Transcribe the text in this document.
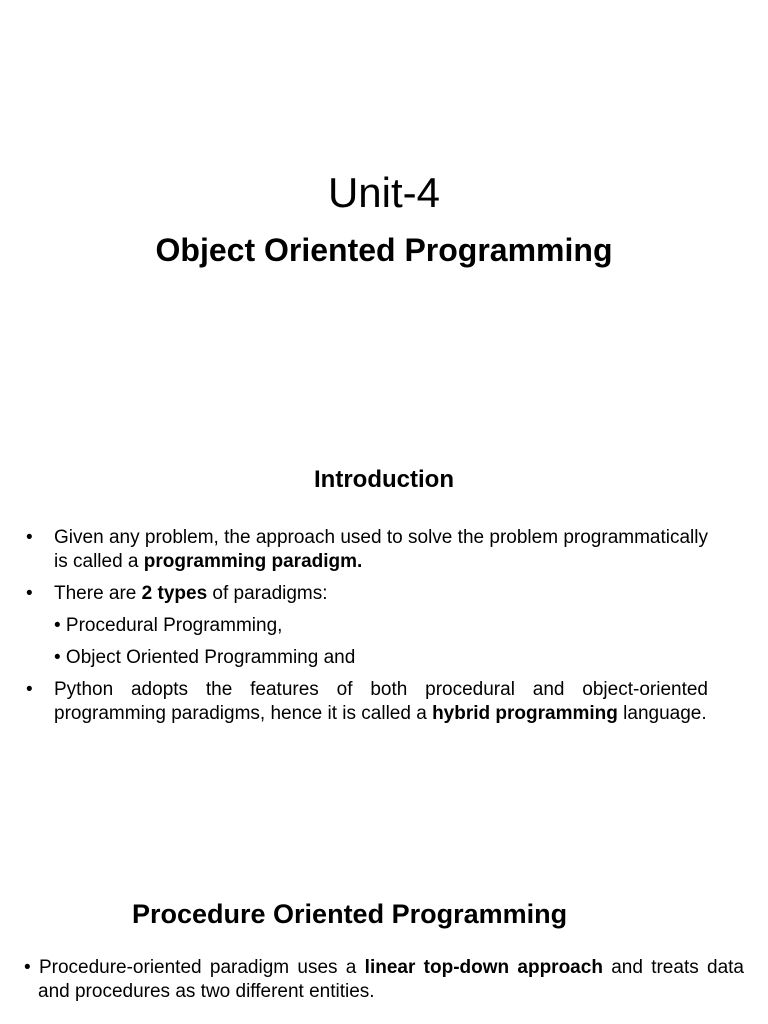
Unit-4
Object Oriented Programming
Introduction
• Given any problem, the approach used to solve the problem programmatically is called a programming paradigm.
• There are 2 types of paradigms:
• Procedural Programming,
• Object Oriented Programming and
• Python adopts the features of both procedural and object-oriented programming paradigms, hence it is called a hybrid programming language.
Procedure Oriented Programming
• Procedure-oriented paradigm uses a linear top-down approach and treats data and procedures as two different entities.
